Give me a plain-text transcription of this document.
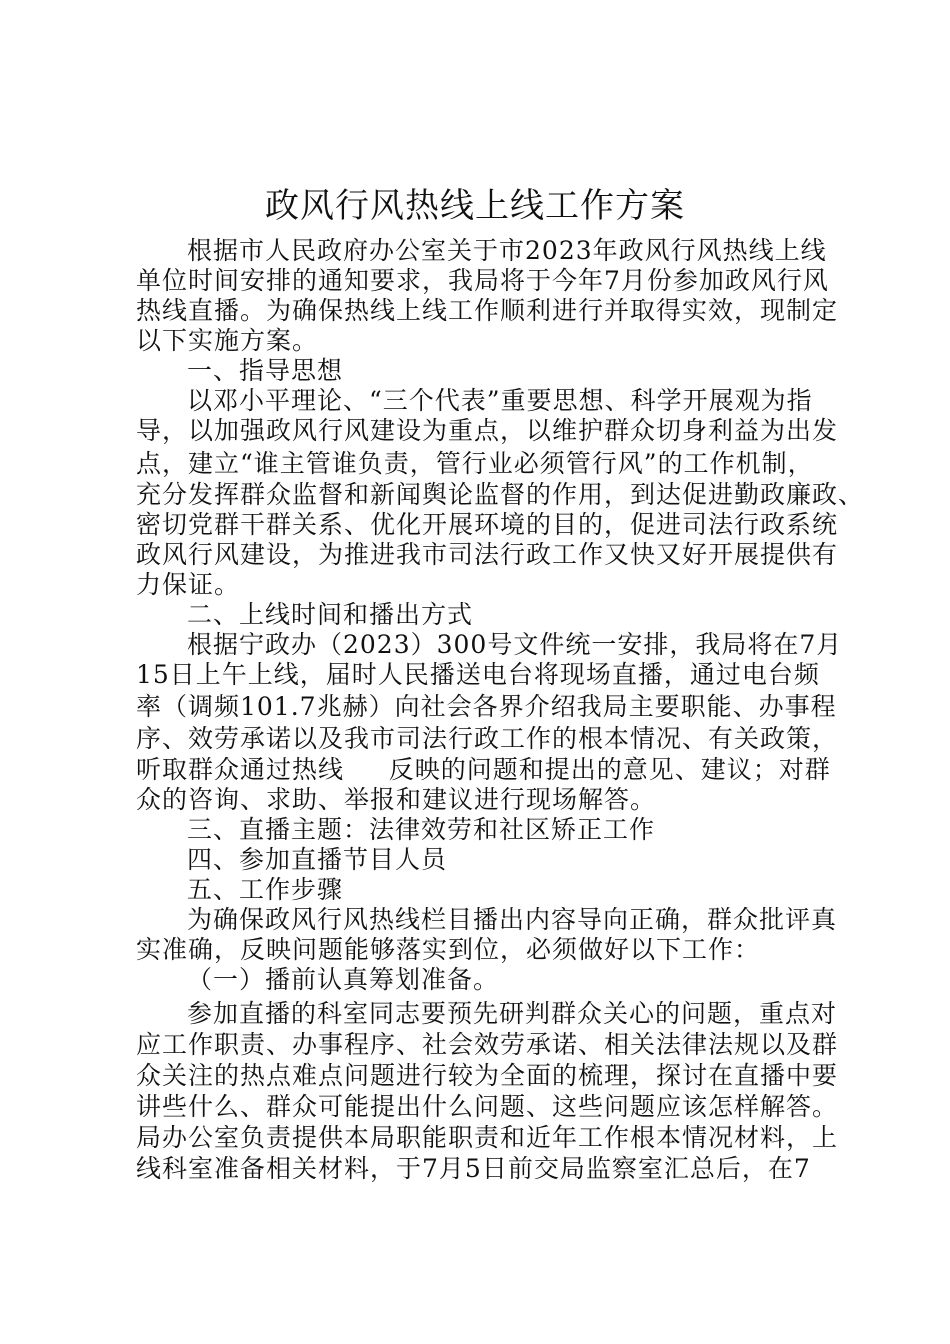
政风行风热线上线工作方案
根据市人民政府办公室关于市2023年政风行风热线上线
单位时间安排的通知要求，我局将于今年7月份参加政风行风
热线直播。为确保热线上线工作顺利进行并取得实效，现制定
以下实施方案。
一、指导思想
以邓小平理论、“三个代表”重要思想、科学开展观为指
导，以加强政风行风建设为重点，以维护群众切身利益为出发
点，建立“谁主管谁负责，管行业必须管行风”的工作机制，
充分发挥群众监督和新闻舆论监督的作用，到达促进勤政廉政、
密切党群干群关系、优化开展环境的目的，促进司法行政系统
政风行风建设，为推进我市司法行政工作又快又好开展提供有
力保证。
二、上线时间和播出方式
根据宁政办（2023）300号文件统一安排，我局将在7月
15日上午上线，届时人民播送电台将现场直播，通过电台频
率（调频101.7兆赫）向社会各界介绍我局主要职能、办事程
序、效劳承诺以及我市司法行政工作的根本情况、有关政策，
听取群众通过热线     反映的问题和提出的意见、建议；对群
众的咨询、求助、举报和建议进行现场解答。
三、直播主题：法律效劳和社区矫正工作
四、参加直播节目人员
五、工作步骤
为确保政风行风热线栏目播出内容导向正确，群众批评真
实准确，反映问题能够落实到位，必须做好以下工作：
（一）播前认真筹划准备。
参加直播的科室同志要预先研判群众关心的问题，重点对
应工作职责、办事程序、社会效劳承诺、相关法律法规以及群
众关注的热点难点问题进行较为全面的梳理，探讨在直播中要
讲些什么、群众可能提出什么问题、这些问题应该怎样解答。
局办公室负责提供本局职能职责和近年工作根本情况材料，上
线科室准备相关材料，于7月5日前交局监察室汇总后，在7
